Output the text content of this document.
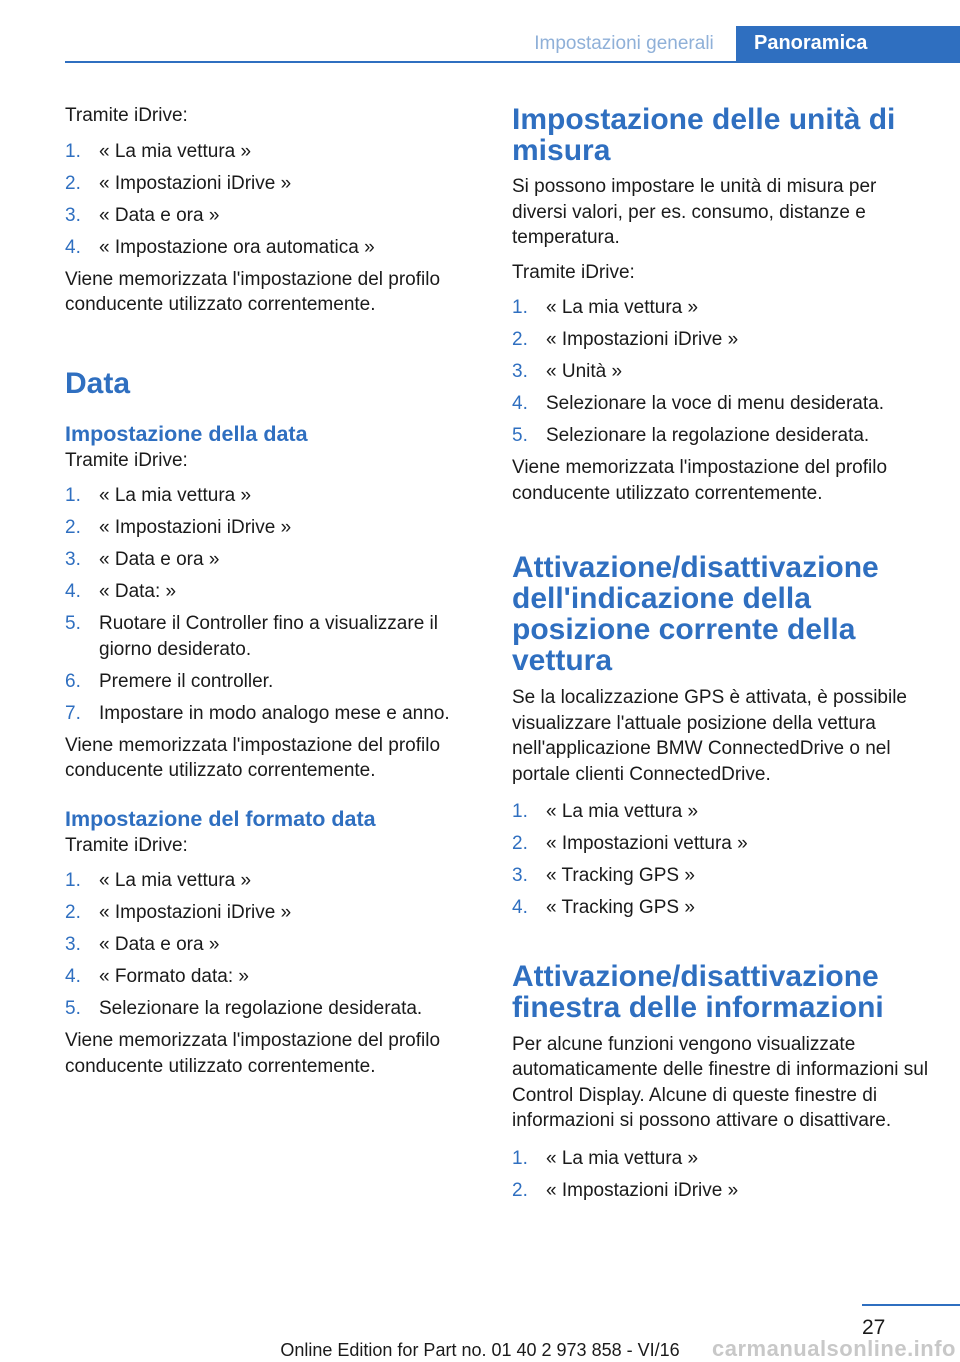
Impostazioni generali	Panoramica

Tramite iDrive:

1. « La mia vettura »
2. « Impostazioni iDrive »
3. « Data e ora »
4. « Impostazione ora automatica »

Viene memorizzata l'impostazione del profilo conducente utilizzato correntemente.

Data
Impostazione della data

Tramite iDrive:

1. « La mia vettura »
2. « Impostazioni iDrive »
3. « Data e ora »
4. « Data: »
5. Ruotare il Controller fino a visualizzare il giorno desiderato.
6. Premere il controller.
7. Impostare in modo analogo mese e anno.

Viene memorizzata l'impostazione del profilo conducente utilizzato correntemente.

Impostazione del formato data

Tramite iDrive:

1. « La mia vettura »
2. « Impostazioni iDrive »
3. « Data e ora »
4. « Formato data: »
5. Selezionare la regolazione desiderata.

Viene memorizzata l'impostazione del profilo conducente utilizzato correntemente.

Impostazione delle unità di misura

Si possono impostare le unità di misura per diversi valori, per es. consumo, distanze e temperatura.

Tramite iDrive:

1. « La mia vettura »
2. « Impostazioni iDrive »
3. « Unità »
4. Selezionare la voce di menu desiderata.
5. Selezionare la regolazione desiderata.

Viene memorizzata l'impostazione del profilo conducente utilizzato correntemente.

Attivazione/disattivazione dell'indicazione della posizione corrente della vettura

Se la localizzazione GPS è attivata, è possibile visualizzare l'attuale posizione della vettura nell'applicazione BMW ConnectedDrive o nel portale clienti ConnectedDrive.

1. « La mia vettura »
2. « Impostazioni vettura »
3. « Tracking GPS »
4. « Tracking GPS »
Attivazione/disattivazione finestra delle informazioni

Per alcune funzioni vengono visualizzate automaticamente delle finestre di informazioni sul Control Display. Alcune di queste finestre di informazioni si possono attivare o disattivare.

1. « La mia vettura »
2. « Impostazioni iDrive »
27
Online Edition for Part no. 01 40 2 973 858 - VI/16	carmanualsonline.info
